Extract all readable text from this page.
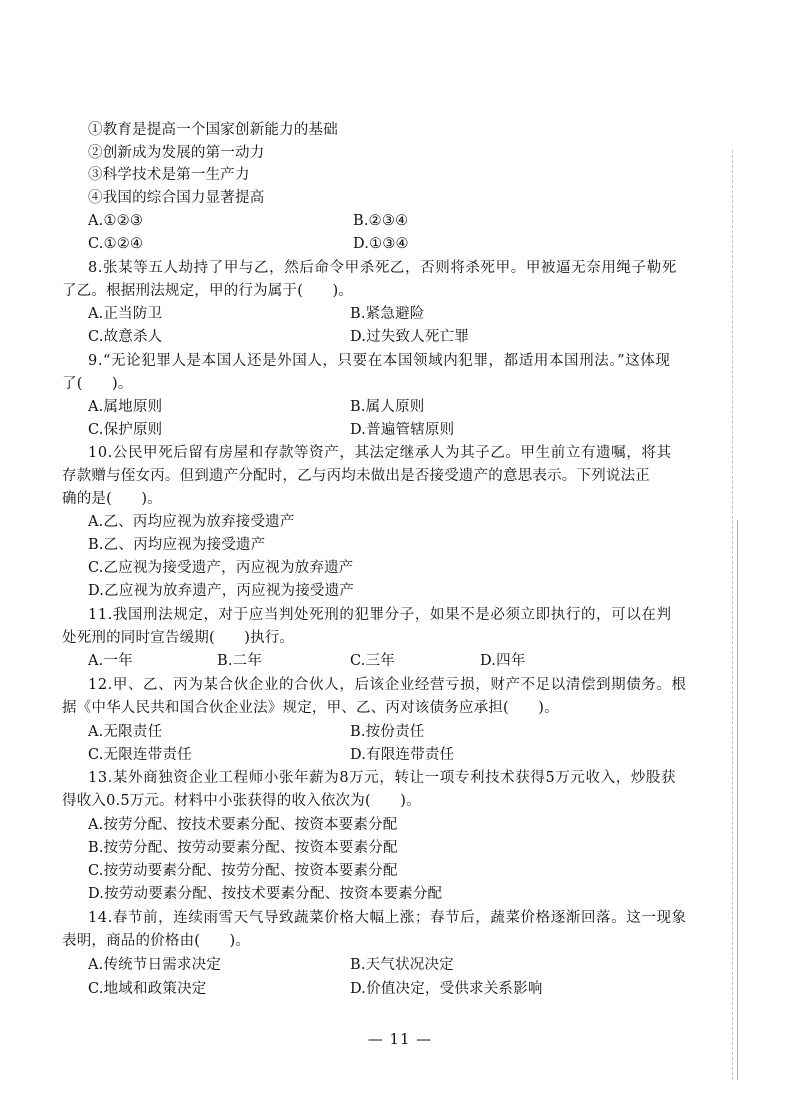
①教育是提高一个国家创新能力的基础
②创新成为发展的第一动力
③科学技术是第一生产力
④我国的综合国力显著提高
A.①②③	B.②③④
C.①②④	D.①③④
8.张某等五人劫持了甲与乙，然后命令甲杀死乙，否则将杀死甲。甲被逼无奈用绳子勒死
了乙。根据刑法规定，甲的行为属于(　　)。
A.正当防卫	B.紧急避险
C.故意杀人	D.过失致人死亡罪
9.“无论犯罪人是本国人还是外国人，只要在本国领域内犯罪，都适用本国刑法。”这体现
了(　　)。
A.属地原则	B.属人原则
C.保护原则	D.普遍管辖原则
10.公民甲死后留有房屋和存款等资产，其法定继承人为其子乙。甲生前立有遗嘱，将其
存款赠与侄女丙。但到遗产分配时，乙与丙均未做出是否接受遗产的意思表示。下列说法正
确的是(　　)。
A.乙、丙均应视为放弃接受遗产
B.乙、丙均应视为接受遗产
C.乙应视为接受遗产，丙应视为放弃遗产
D.乙应视为放弃遗产，丙应视为接受遗产
11.我国刑法规定，对于应当判处死刑的犯罪分子，如果不是必须立即执行的，可以在判
处死刑的同时宣告缓期(　　)执行。
A.一年	B.二年	C.三年	D.四年
12.甲、乙、丙为某合伙企业的合伙人，后该企业经营亏损，财产不足以清偿到期债务。根
据《中华人民共和国合伙企业法》规定，甲、乙、丙对该债务应承担(　　)。
A.无限责任	B.按份责任
C.无限连带责任	D.有限连带责任
13.某外商独资企业工程师小张年薪为8万元，转让一项专利技术获得5万元收入，炒股获
得收入0.5万元。材料中小张获得的收入依次为(　　)。
A.按劳分配、按技术要素分配、按资本要素分配
B.按劳分配、按劳动要素分配、按资本要素分配
C.按劳动要素分配、按劳分配、按资本要素分配
D.按劳动要素分配、按技术要素分配、按资本要素分配
14.春节前，连续雨雪天气导致蔬菜价格大幅上涨；春节后，蔬菜价格逐渐回落。这一现象
表明，商品的价格由(　　)。
A.传统节日需求决定	B.天气状况决定
C.地域和政策决定	D.价值决定，受供求关系影响
— 11 —
